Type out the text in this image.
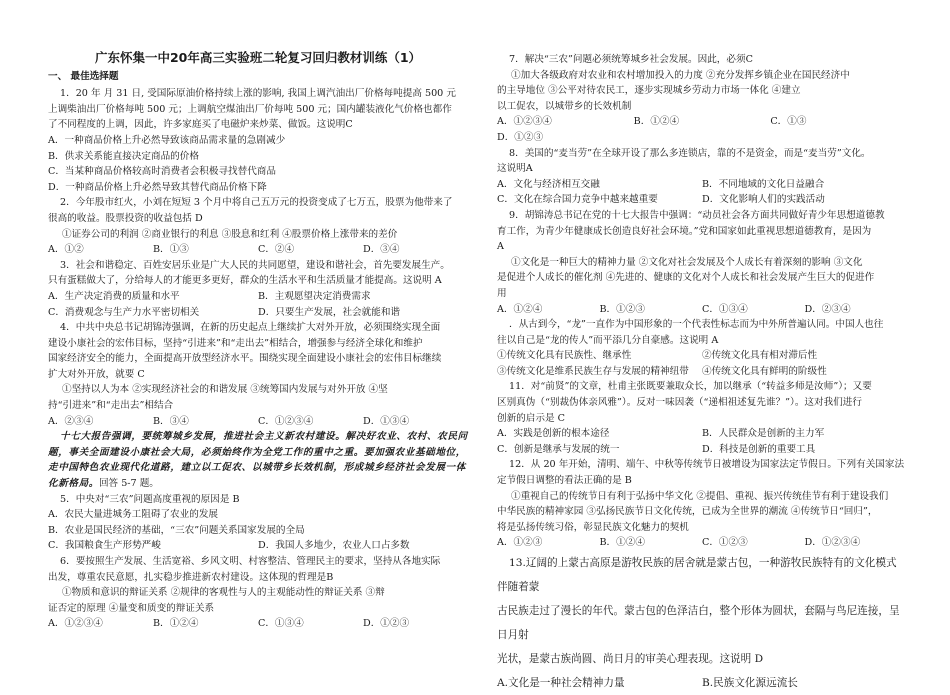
广东怀集一中20年高三实验班二轮复习回归教材训练（1）

一、 最佳选择题

1．20 年 月 31 日, 受国际原油价格持续上涨的影响, 我国上调汽油出厂价格每吨提高 500 元

上调柴油出厂价格每吨 500 元；上调航空煤油出厂价每吨 500 元；国内罐装液化气价格也都作

了不同程度的上调，因此，许多家庭买了电磁炉来炒菜、做饭。这说明C

A．一种商品价格上升必然导致该商品需求量的急剧减少

B．供求关系能直接决定商品的价格

C．当某种商品价格较高时消费者会积极寻找替代商品

D．一种商品价格上升必然导致其替代商品价格下降

2．今年股市红火，小刘在短短 3 个月中将自己五万元的投资变成了七万五，股票为他带来了

很高的收益。股票投资的收益包括 D

①证券公司的利润 ②商业银行的利息 ③股息和红利 ④股票价格上涨带来的差价

A．①②	B．①③	C．②④	D．③④

3．社会和谐稳定、百姓安居乐业是广大人民的共同愿望，建设和谐社会，首先要发展生产。

只有蛋糕做大了，分给每人的才能更多更好，群众的生活水平和生活质量才能提高。这说明 A

A．生产决定消费的质量和水平	B．主观愿望决定消费需求
C．消费观念与生产力水平密切相关	D．只要生产发展，社会就能和谐

4．中共中央总书记胡锦涛强调，在新的历史起点上继续扩大对外开放，必须围绕实现全面

建设小康社会的宏伟目标，坚持“引进来”和“走出去”相结合，增强参与经济全球化和维护

国家经济安全的能力，全面提高开放型经济水平。围绕实现全面建设小康社会的宏伟目标继续

扩大对外开放，就要 C

①坚持以人为本 ②实现经济社会的和谐发展 ③统筹国内发展与对外开放 ④坚

持“引进来”和“走出去”相结合

A．②③④	B．③④	C．①②③④	D．①③④

十七大报告强调，要统筹城乡发展，推进社会主义新农村建设。解决好农业、农村、农民问

题，事关全面建设小康社会大局，必须始终作为全党工作的重中之重。要加强农业基础地位，

走中国特色农业现代化道路，建立以工促农、以城带乡长效机制，形成城乡经济社会发展一体

化新格局。回答 5-7 题。

5．中央对“三农”问题高度重视的原因是 B

A．农民大量进城务工阻碍了农业的发展

B．农业是国民经济的基础，“三农”问题关系国家发展的全局

C．我国粮食生产形势严峻	D．我国人多地少，农业人口占多数

6．要按照生产发展、生活宽裕、乡风文明、村容整洁、管理民主的要求，坚持从各地实际

出发，尊重农民意愿，扎实稳步推进新农村建设。这体现的哲理是B

①物质和意识的辩证关系 ②规律的客观性与人的主观能动性的辩证关系 ③辩

证否定的原理 ④量变和质变的辩证关系

A．①②③④	B．①②④	C．①③④	D．①②③

7．解决“三农”问题必须统筹城乡社会发展。因此，必须C

①加大各级政府对农业和农村增加投入的力度 ②充分发挥乡镇企业在国民经济中

的主导地位 ③公平对待农民工，逐步实现城乡劳动力市场一体化 ④建立

以工促农，以城带乡的长效机制

A．①②③④	B．①②④	C．①③

D．①②③

8．美国的“麦当劳”在全球开设了那么多连锁店，靠的不是资金，而是“麦当劳”文化。

这说明A

A．文化与经济相互交融	B．不同地域的文化日益融合
C．文化在综合国力竞争中越来越重要	D．文化影响人们的实践活动

9．胡锦涛总书记在党的十七大报告中强调：“动员社会各方面共同做好青少年思想道德教

育工作，为青少年健康成长创造良好社会环境。”党和国家如此重视思想道德教育，是因为

A

①文化是一种巨大的精神力量 ②文化对社会发展及个人成长有着深刻的影响 ③文化

是促进个人成长的催化剂 ④先进的、健康的文化对个人成长和社会发展产生巨大的促进作

用

A．①②④	B．①②③	C．①③④	D．②③④

．从古到今，“龙”一直作为中国形象的一个代表性标志而为中外所普遍认同。中国人也往

往以自己是“龙的传人”而平添几分自豪感。这说明 A

①传统文化具有民族性、继承性	②传统文化具有相对滞后性
③传统文化是维系民族生存与发展的精神纽带	④传统文化具有鲜明的阶级性

11．对“前贤”的文章，杜甫主张既要兼取众长，加以继承（“转益多师是汝师”）；又要

区别真伪（“别裁伪体亲风雅”）。反对一味因袭（“递相祖述复先谁？”）。这对我们进行

创新的启示是 C

A．实践是创新的根本途径	B．人民群众是创新的主力军
C．创新是继承与发展的统一	D．科技是创新的重要工具

12．从 20 年开始，清明、端午、中秋等传统节日被增设为国家法定节假日。下列有关国家法

定节假日调整的看法正确的是 B

①重视自己的传统节日有利于弘扬中华文化 ②提倡、重视、振兴传统佳节有利于建设我们

中华民族的精神家园 ③弘扬民族节日文化传统，已成为全世界的潮流 ④传统节日“回归”，

将是弘扬传统习俗，彰显民族文化魅力的契机

A．①②③	B．①②④	C．①②③	D．①②③④

13.辽阔的上蒙古高原是游牧民族的居舍就是蒙古包，一种游牧民族特有的文化模式伴随着蒙

古民族走过了漫长的年代。蒙古包的色泽洁白，整个形体为圆状，套隔与鸟尼连接，呈日月射

光状，是蒙古族尚圆、尚日月的审美心理表现。这说明 D

A.文化是一种社会精神力量	B.民族文化源远流长
